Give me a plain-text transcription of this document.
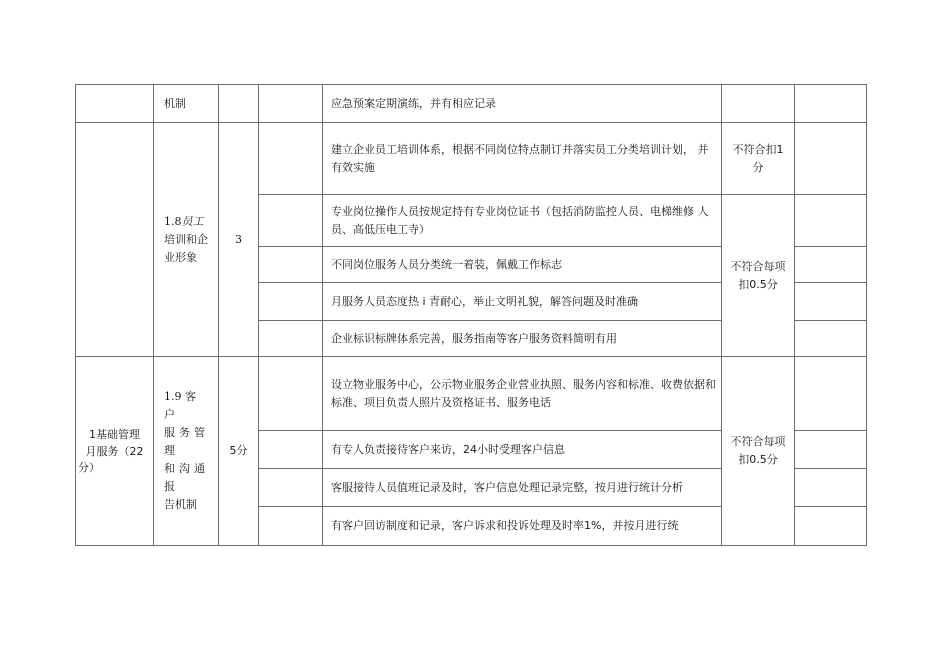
	机制			应急预案定期演练，并有相应记录		

	1.8员工
培训和企
业形象	3		建立企业员工培训体系，根据不同岗位特点制订并落实员工分类培训计划， 并有效实施	不符合扣1
分	

				专业岗位操作人员按规定持有专业岗位证书（包括消防监控人员、电梯维修 人员、高低压电工寺）	不符合每项
扣0.5分	

				不同岗位服务人员分类统一着装，佩戴工作标志		
				月服务人员态度热 i 青耐心，举止文明礼貌，解答问题及时准确		
				企业标识标牌体系完善，服务指南等客户服务资料简明有用		

1基础管理
月服务（22
分）	1.9 客户
服务管理
和沟通报
告机制	5分		设立物业服务中心，公示物业服务企业营业执照、服务内容和标准、收费依据和标准、项目负责人照片及资格证书、服务电话	不符合每项
扣0.5分	

				有专人负责接待客户来访，24小时受理客户信息		
				客服接待人员值班记录及时，客户信息处理记录完整，按月进行统计分析		
				有客户回访制度和记录，客户诉求和投诉处理及时率1%，并按月进行统		
